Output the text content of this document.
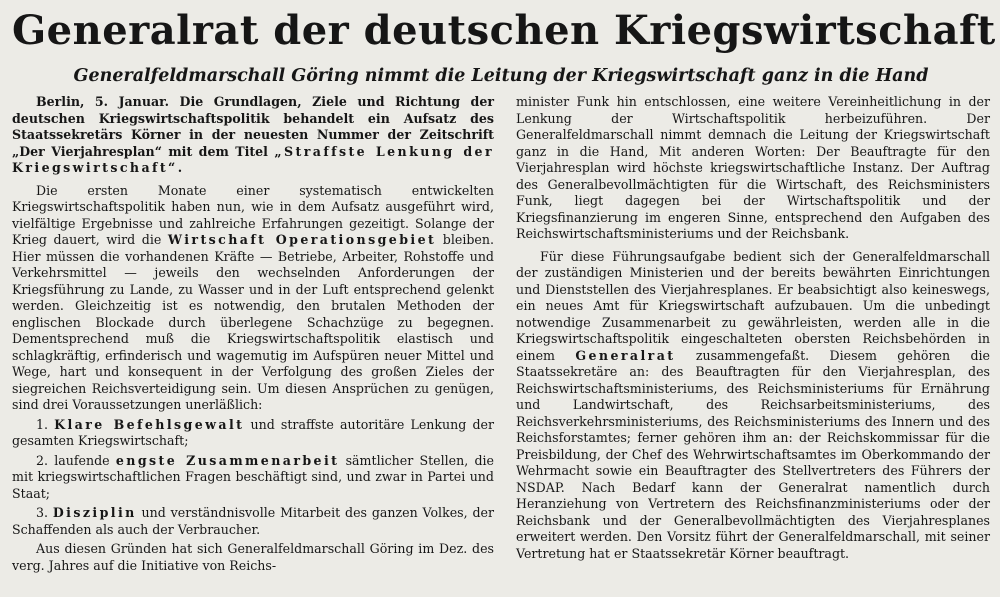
Generalrat der deutschen Kriegswirtschaft
Generalfeldmarschall Göring nimmt die Leitung der Kriegswirtschaft ganz in die Hand

Berlin, 5. Januar. Die Grundlagen, Ziele und Richtung der deutschen Kriegswirtschaftspolitik behandelt ein Aufsatz des Staatssekretärs Körner in der neuesten Nummer der Zeitschrift „Der Vierjahresplan“ mit dem Titel „Straffste Lenkung der Kriegswirtschaft“.

Die ersten Monate einer systematisch entwickelten Kriegswirtschaftspolitik haben nun, wie in dem Aufsatz ausgeführt wird, vielfältige Ergebnisse und zahlreiche Erfahrungen gezeitigt. Solange der Krieg dauert, wird die Wirtschaft Operationsgebiet bleiben. Hier müssen die vorhandenen Kräfte — Betriebe, Arbeiter, Rohstoffe und Verkehrsmittel — jeweils den wechselnden Anforderungen der Kriegsführung zu Lande, zu Wasser und in der Luft entsprechend gelenkt werden. Gleichzeitig ist es notwendig, den brutalen Methoden der englischen Blockade durch überlegene Schachzüge zu begegnen. Dementsprechend muß die Kriegswirtschaftspolitik elastisch und schlagkräftig, erfinderisch und wagemutig im Aufspüren neuer Mittel und Wege, hart und konsequent in der Verfolgung des großen Zieles der siegreichen Reichsverteidigung sein. Um diesen Ansprüchen zu genügen, sind drei Voraussetzungen unerläßlich:

1. Klare Befehlsgewalt und straffste autoritäre Lenkung der gesamten Kriegswirtschaft;

2. laufende engste Zusammenarbeit sämtlicher Stellen, die mit kriegswirtschaftlichen Fragen beschäftigt sind, und zwar in Partei und Staat;

3. Disziplin und verständnisvolle Mitarbeit des ganzen Volkes, der Schaffenden als auch der Verbraucher.

Aus diesen Gründen hat sich Generalfeldmarschall Göring im Dez. des verg. Jahres auf die Initiative von Reichs-

minister Funk hin entschlossen, eine weitere Vereinheitlichung in der Lenkung der Wirtschaftspolitik herbeizuführen. Der Generalfeldmarschall nimmt demnach die Leitung der Kriegswirtschaft ganz in die Hand, Mit anderen Worten: Der Beauftragte für den Vierjahresplan wird höchste kriegswirtschaftliche Instanz. Der Auftrag des Generalbevollmächtigten für die Wirtschaft, des Reichsministers Funk, liegt dagegen bei der Wirtschaftspolitik und der Kriegsfinanzierung im engeren Sinne, entsprechend den Aufgaben des Reichswirtschaftsministeriums und der Reichsbank.

Für diese Führungsaufgabe bedient sich der Generalfeldmarschall der zuständigen Ministerien und der bereits bewährten Einrichtungen und Dienststellen des Vierjahresplanes. Er beabsichtigt also keineswegs, ein neues Amt für Kriegswirtschaft aufzubauen. Um die unbedingt notwendige Zusammenarbeit zu gewährleisten, werden alle in die Kriegswirtschaftspolitik eingeschalteten obersten Reichsbehörden in einem Generalrat zusammengefaßt. Diesem gehören die Staatssekretäre an: des Beauftragten für den Vierjahresplan, des Reichswirtschaftsministeriums, des Reichsministeriums für Ernährung und Landwirtschaft, des Reichsarbeitsministeriums, des Reichsverkehrsministeriums, des Reichsministeriums des Innern und des Reichsforstamtes; ferner gehören ihm an: der Reichskommissar für die Preisbildung, der Chef des Wehrwirtschaftsamtes im Oberkommando der Wehrmacht sowie ein Beauftragter des Stellvertreters des Führers der NSDAP. Nach Bedarf kann der Generalrat namentlich durch Heranziehung von Vertretern des Reichsfinanzministeriums oder der Reichsbank und der Generalbevollmächtigten des Vierjahresplanes erweitert werden. Den Vorsitz führt der Generalfeldmarschall, mit seiner Vertretung hat er Staatssekretär Körner beauftragt.
